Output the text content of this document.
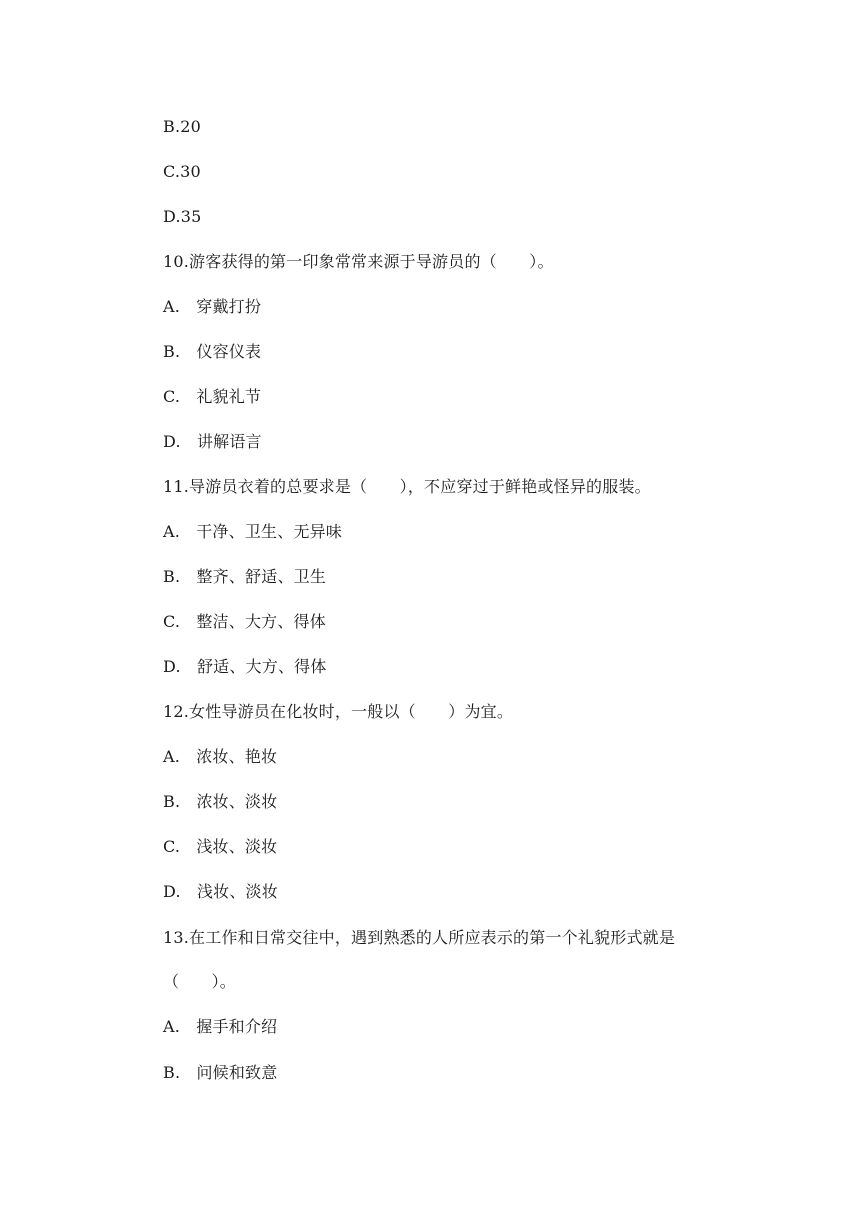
B.20
C.30
D.35
10.游客获得的第一印象常常来源于导游员的（　　）。
A.　穿戴打扮
B.　仪容仪表
C.　礼貌礼节
D.　讲解语言
11.导游员衣着的总要求是（　　），不应穿过于鲜艳或怪异的服装。
A.　干净、卫生、无异味
B.　整齐、舒适、卫生
C.　整洁、大方、得体
D.　舒适、大方、得体
12.女性导游员在化妆时，一般以（　　）为宜。
A.　浓妆、艳妆
B.　浓妆、淡妆
C.　浅妆、淡妆
D.　浅妆、淡妆
13.在工作和日常交往中，遇到熟悉的人所应表示的第一个礼貌形式就是
（　　）。
A.　握手和介绍
B.　问候和致意
